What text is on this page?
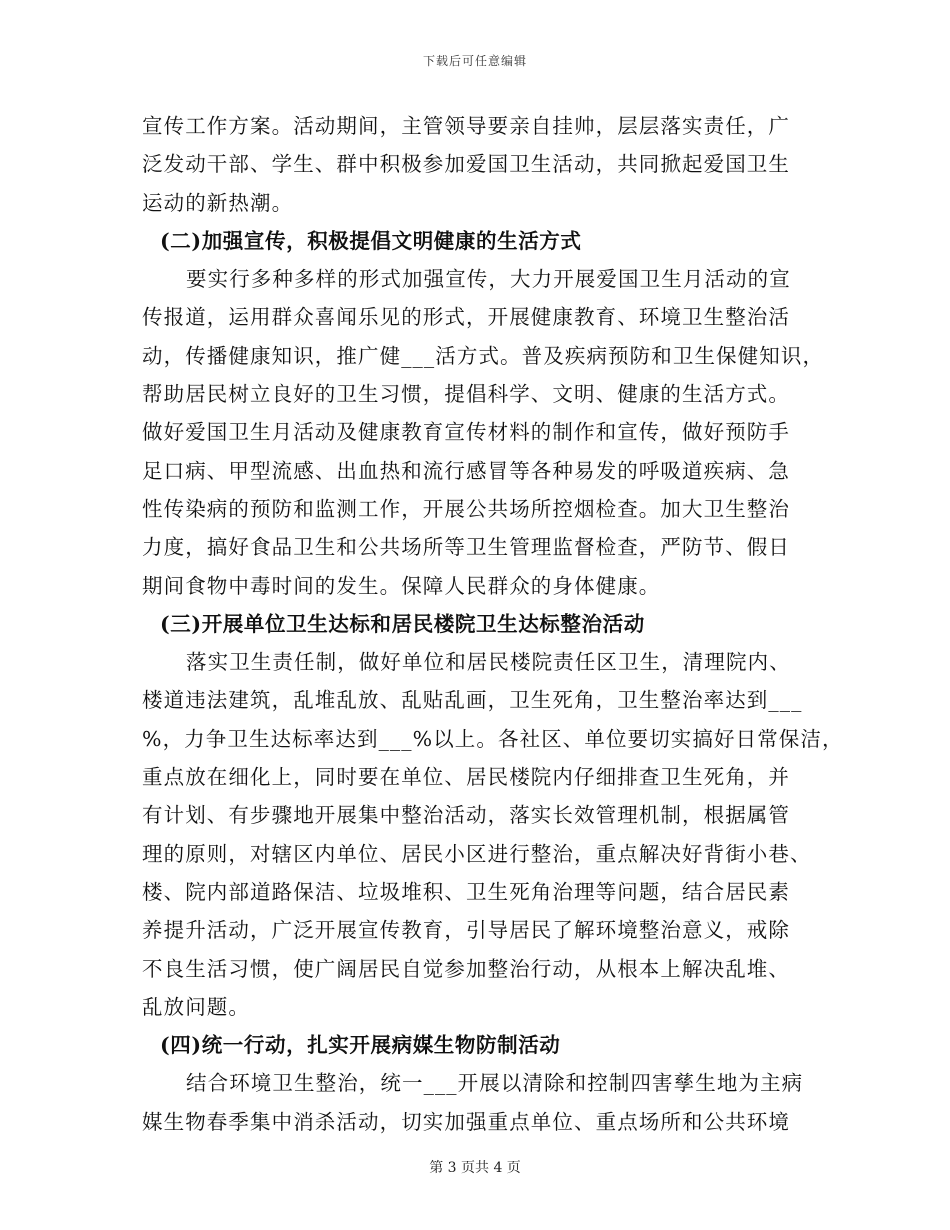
下载后可任意编辑
宣传工作方案。活动期间，主管领导要亲自挂帅，层层落实责任，广
泛发动干部、学生、群中积极参加爱国卫生活动，共同掀起爱国卫生
运动的新热潮。
(二)加强宣传，积极提倡文明健康的生活方式
要实行多种多样的形式加强宣传，大力开展爱国卫生月活动的宣
传报道，运用群众喜闻乐见的形式，开展健康教育、环境卫生整治活
动，传播健康知识，推广健___活方式。普及疾病预防和卫生保健知识，
帮助居民树立良好的卫生习惯，提倡科学、文明、健康的生活方式。
做好爱国卫生月活动及健康教育宣传材料的制作和宣传，做好预防手
足口病、甲型流感、出血热和流行感冒等各种易发的呼吸道疾病、急
性传染病的预防和监测工作，开展公共场所控烟检查。加大卫生整治
力度，搞好食品卫生和公共场所等卫生管理监督检查，严防节、假日
期间食物中毒时间的发生。保障人民群众的身体健康。
(三)开展单位卫生达标和居民楼院卫生达标整治活动
落实卫生责任制，做好单位和居民楼院责任区卫生，清理院内、
楼道违法建筑，乱堆乱放、乱贴乱画，卫生死角，卫生整治率达到___
%，力争卫生达标率达到___%以上。各社区、单位要切实搞好日常保洁，
重点放在细化上，同时要在单位、居民楼院内仔细排查卫生死角，并
有计划、有步骤地开展集中整治活动，落实长效管理机制，根据属管
理的原则，对辖区内单位、居民小区进行整治，重点解决好背街小巷、
楼、院内部道路保洁、垃圾堆积、卫生死角治理等问题，结合居民素
养提升活动，广泛开展宣传教育，引导居民了解环境整治意义，戒除
不良生活习惯，使广阔居民自觉参加整治行动，从根本上解决乱堆、
乱放问题。
(四)统一行动，扎实开展病媒生物防制活动
结合环境卫生整治，统一___开展以清除和控制四害孳生地为主病
媒生物春季集中消杀活动，切实加强重点单位、重点场所和公共环境
第 3 页共 4 页
